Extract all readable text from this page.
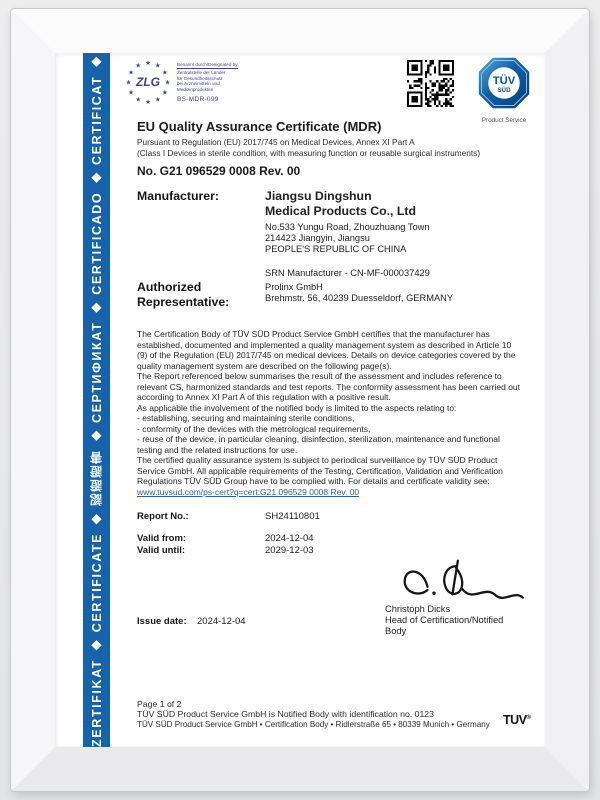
ZERTIFIKAT ◆ CERTIFICATE ◆ 認證證書 ◆ СЕРТИФИКАТ ◆ CERTIFICADO ◆ CERTIFICAT ◆	★ ★
★
★
★
★
★
★
★
★
★
★
ZLG
Benannt durch/Designated by
Zentralstelle der Länder
für Gesundheitsschutz
bei Arzneimitteln und
Medizinprodukten
BS-MDR-099
TÜV
SÜD
Product Service
EU Quality Assurance Certificate (MDR)
Pursuant to Regulation (EU) 2017/745 on Medical Devices, Annex XI Part A
(Class I Devices in sterile condition, with measuring function or reusable surgical instruments)
No. G21 096529 0008 Rev. 00
Manufacturer:	Jiangsu Dingshun
Medical Products Co., Ltd
No.533 Yungu Road, Zhouzhuang Town
214423 Jiangyin, Jiangsu
PEOPLE'S REPUBLIC OF CHINA
SRN Manufacturer - CN-MF-000037429
Authorized
Representative:
Prolinx GmbH
Brehmstr. 56, 40239 Duesseldorf, GERMANY
The Certification Body of TÜV SÜD Product Service GmbH certifies that the manufacturer has established, documented and implemented a quality management system as described in Article 10 (9) of the Regulation (EU) 2017/745 on medical devices. Details on device categories covered by the quality management system are described on the following page(s).
The Report referenced below summarises the result of the assessment and includes reference to relevant CS, harmonized standards and test reports. The conformity assessment has been carried out according to Annex XI Part A of this regulation with a positive result.
As applicable the involvement of the notified body is limited to the aspects relating to:
- establishing, securing and maintaining sterile conditions,
- conformity of the devices with the metrological requirements,
- reuse of the device, in particular cleaning, disinfection, sterilization, maintenance and functional testing and the related instructions for use.
The certified quality assurance system is subject to periodical surveillance by TÜV SÜD Product Service GmbH. All applicable requirements of the Testing, Certification, Validation and Verification Regulations TÜV SÜD Group have to be complied with. For details and certificate validity see:
www.tuvsud.com/ps-cert?q=cert:G21 096529 0008 Rev. 00
Report No.:	SH24110801
Valid from:	2024-12-04
Valid until:	2029-12-03
Christoph Dicks
Head of Certification/Notified
Body
Issue date: 2024-12-04
Page 1 of 2
TÜV SÜD Product Service GmbH is Notified Body with identification no. 0123
TÜV SÜD Product Service GmbH • Certification Body • Ridlerstraße 65 • 80339 Munich • Germany TUV®
